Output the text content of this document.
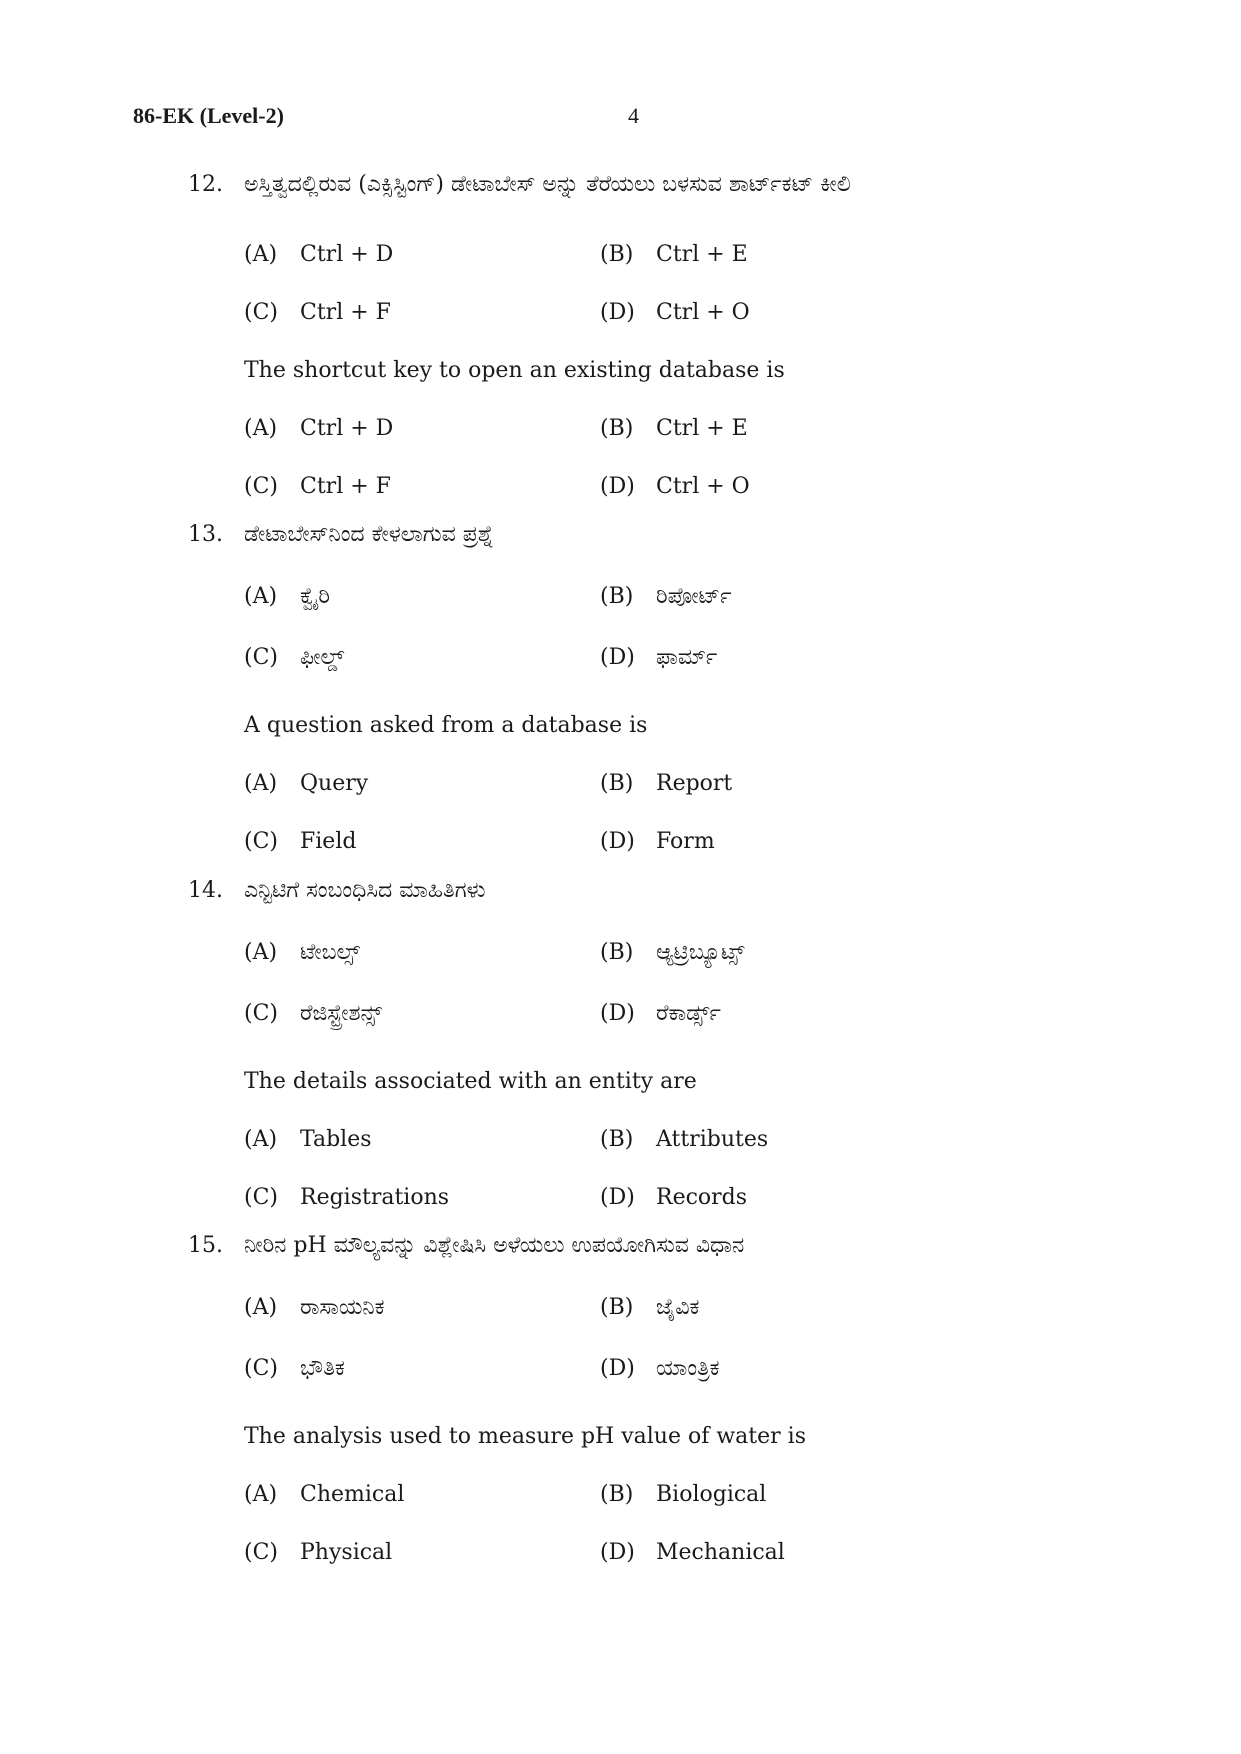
86-EK (Level-2)	4
12. ಅಸ್ತಿತ್ವದಲ್ಲಿರುವ (ಎಕ್ಸಿಸ್ಟಿಂಗ್) ಡೇಟಾಬೇಸ್ ಅನ್ನು ತೆರೆಯಲು ಬಳಸುವ ಶಾರ್ಟ್‌ಕಟ್ ಕೀಲಿ
(A) Ctrl + D	(B) Ctrl + E
(C) Ctrl + F	(D) Ctrl + O
The shortcut key to open an existing database is
(A) Ctrl + D	(B) Ctrl + E
(C) Ctrl + F	(D) Ctrl + O
13. ಡೇಟಾಬೇಸ್‌ನಿಂದ ಕೇಳಲಾಗುವ ಪ್ರಶ್ನೆ
(A) ಕ್ವೈರಿ	(B) ರಿಪೋರ್ಟ್
(C) ಫೀಲ್ಡ್	(D) ಫಾರ್ಮ್
A question asked from a database is
(A) Query	(B) Report
(C) Field	(D) Form
14. ಎನ್ಟಿಟಿಗೆ ಸಂಬಂಧಿಸಿದ ಮಾಹಿತಿಗಳು
(A) ಟೇಬಲ್ಸ್	(B) ಆ್ಯಟ್ರಿಬ್ಯೂಟ್ಸ್
(C) ರೆಜಿಸ್ಟ್ರೇಶನ್ಸ್	(D) ರೆಕಾರ್ಡ್ಸ್
The details associated with an entity are
(A) Tables	(B) Attributes
(C) Registrations	(D) Records
15. ನೀರಿನ pH ಮೌಲ್ಯವನ್ನು ವಿಶ್ಲೇಷಿಸಿ ಅಳೆಯಲು ಉಪಯೋಗಿಸುವ ವಿಧಾನ
(A) ರಾಸಾಯನಿಕ	(B) ಜೈವಿಕ
(C) ಭೌತಿಕ	(D) ಯಾಂತ್ರಿಕ
The analysis used to measure pH value of water is
(A) Chemical	(B) Biological
(C) Physical	(D) Mechanical
